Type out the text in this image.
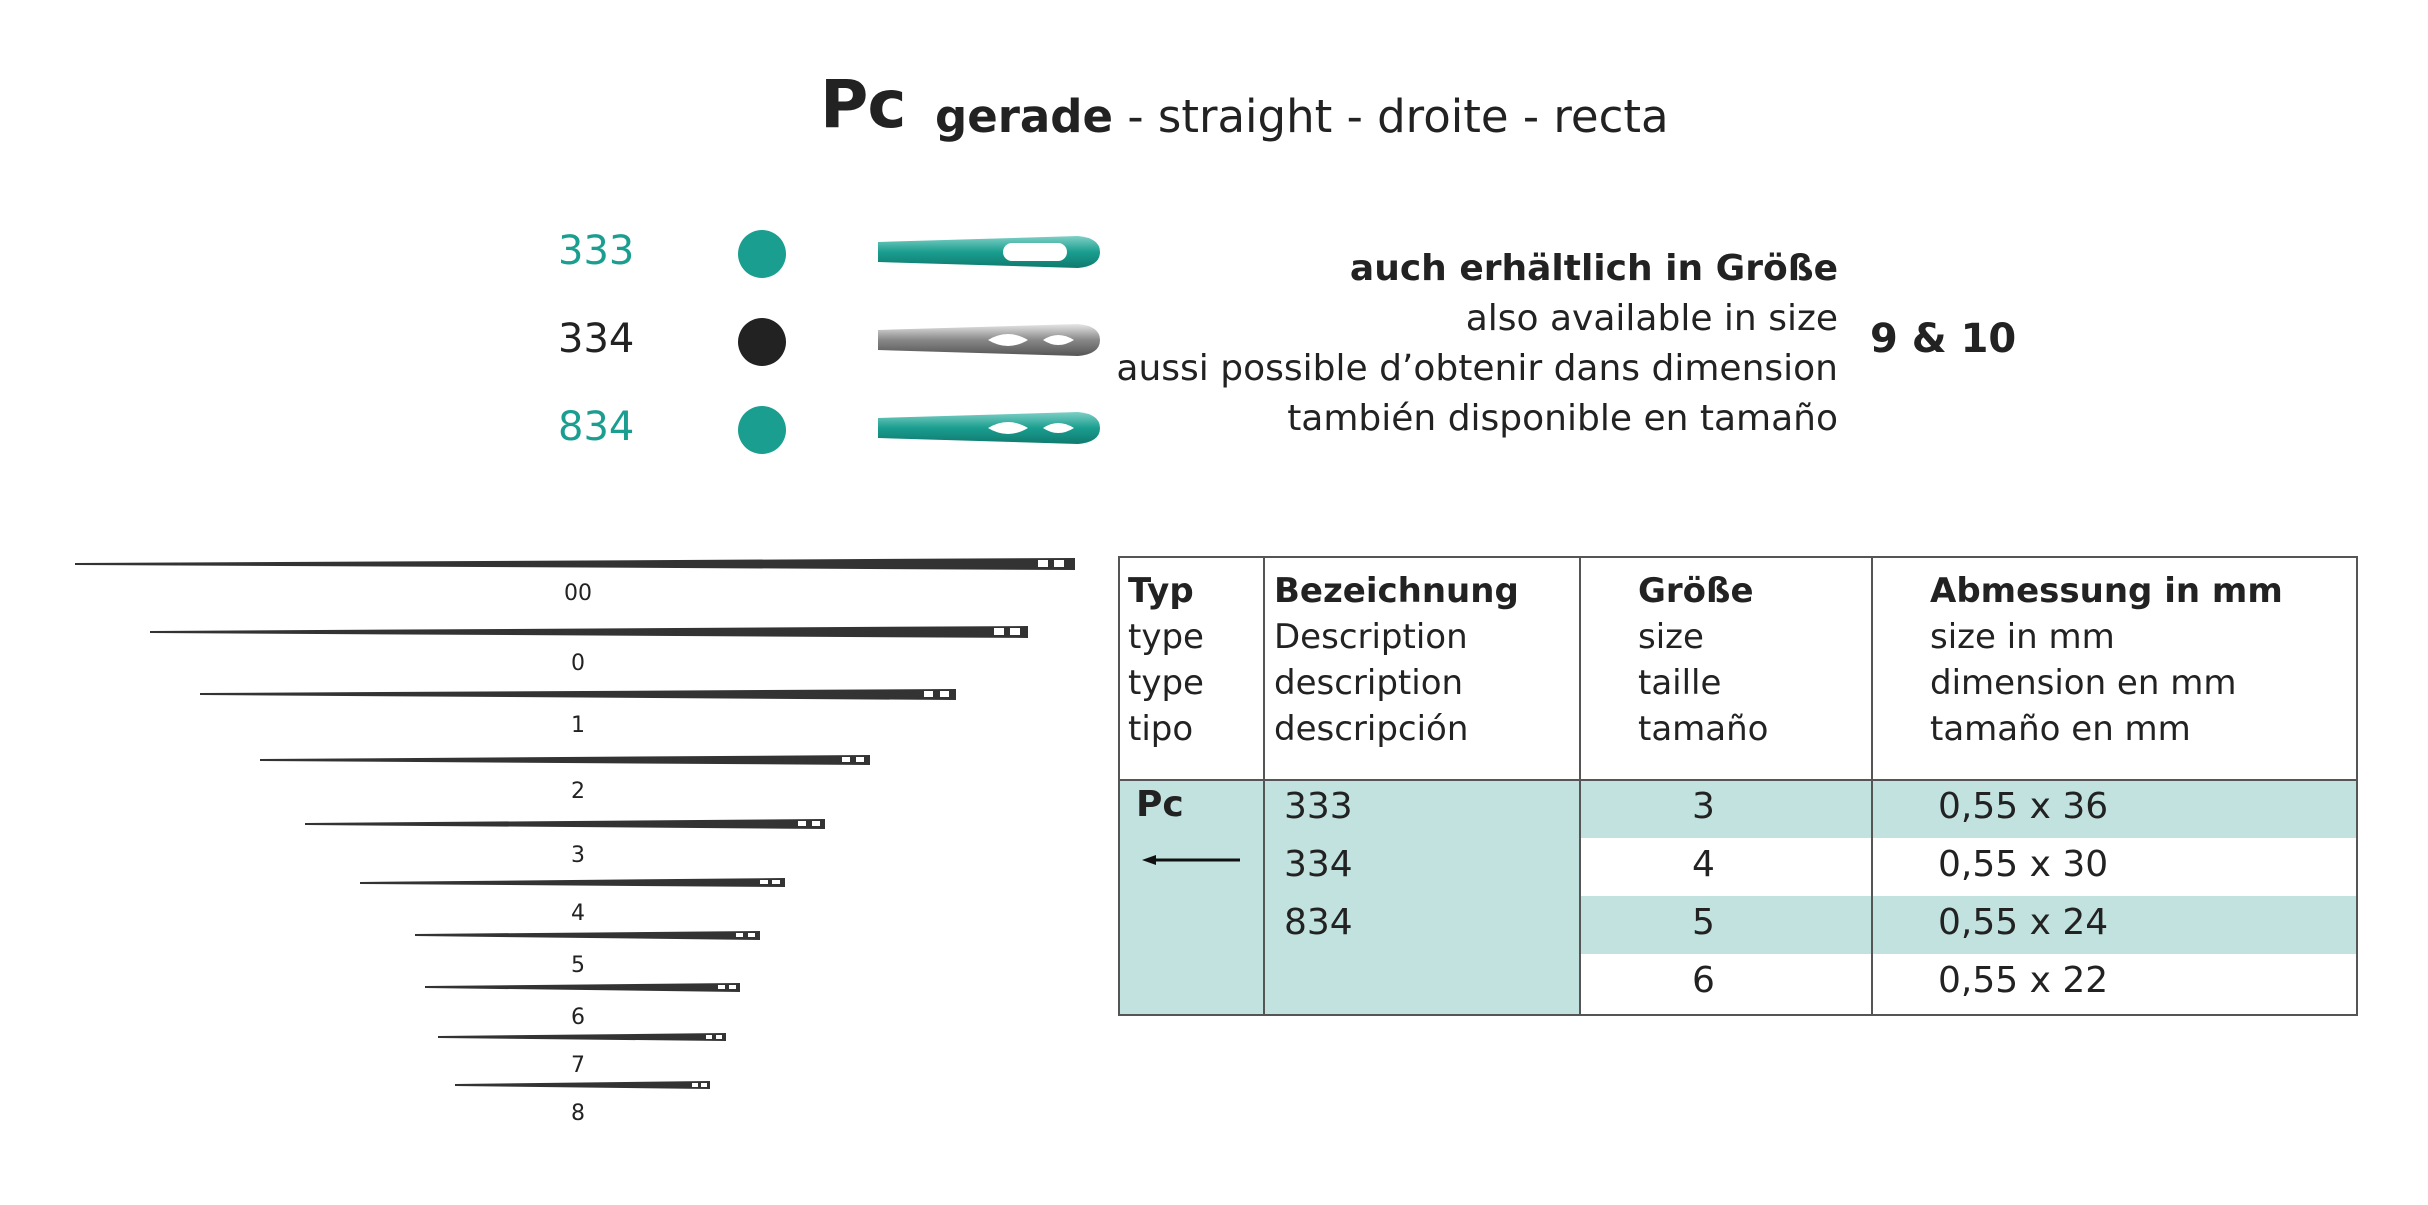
Pc gerade - straight - droite - recta
333
334
834
auch erhältlich in Größe
also available in size
aussi possible d’obtenir dans dimension
también disponible en tamaño
9 & 10
00
0
1
2
3
4
5
6
7
8
Typ
type
type
tipo
Bezeichnung
Description
description
descripción
Größe
size
taille
tamaño
Abmessung in mm
size in mm
dimension en mm
tamaño en mm
Pc	333
334
834
3
4
5
6
0,55 x 36
0,55 x 30
0,55 x 24
0,55 x 22
